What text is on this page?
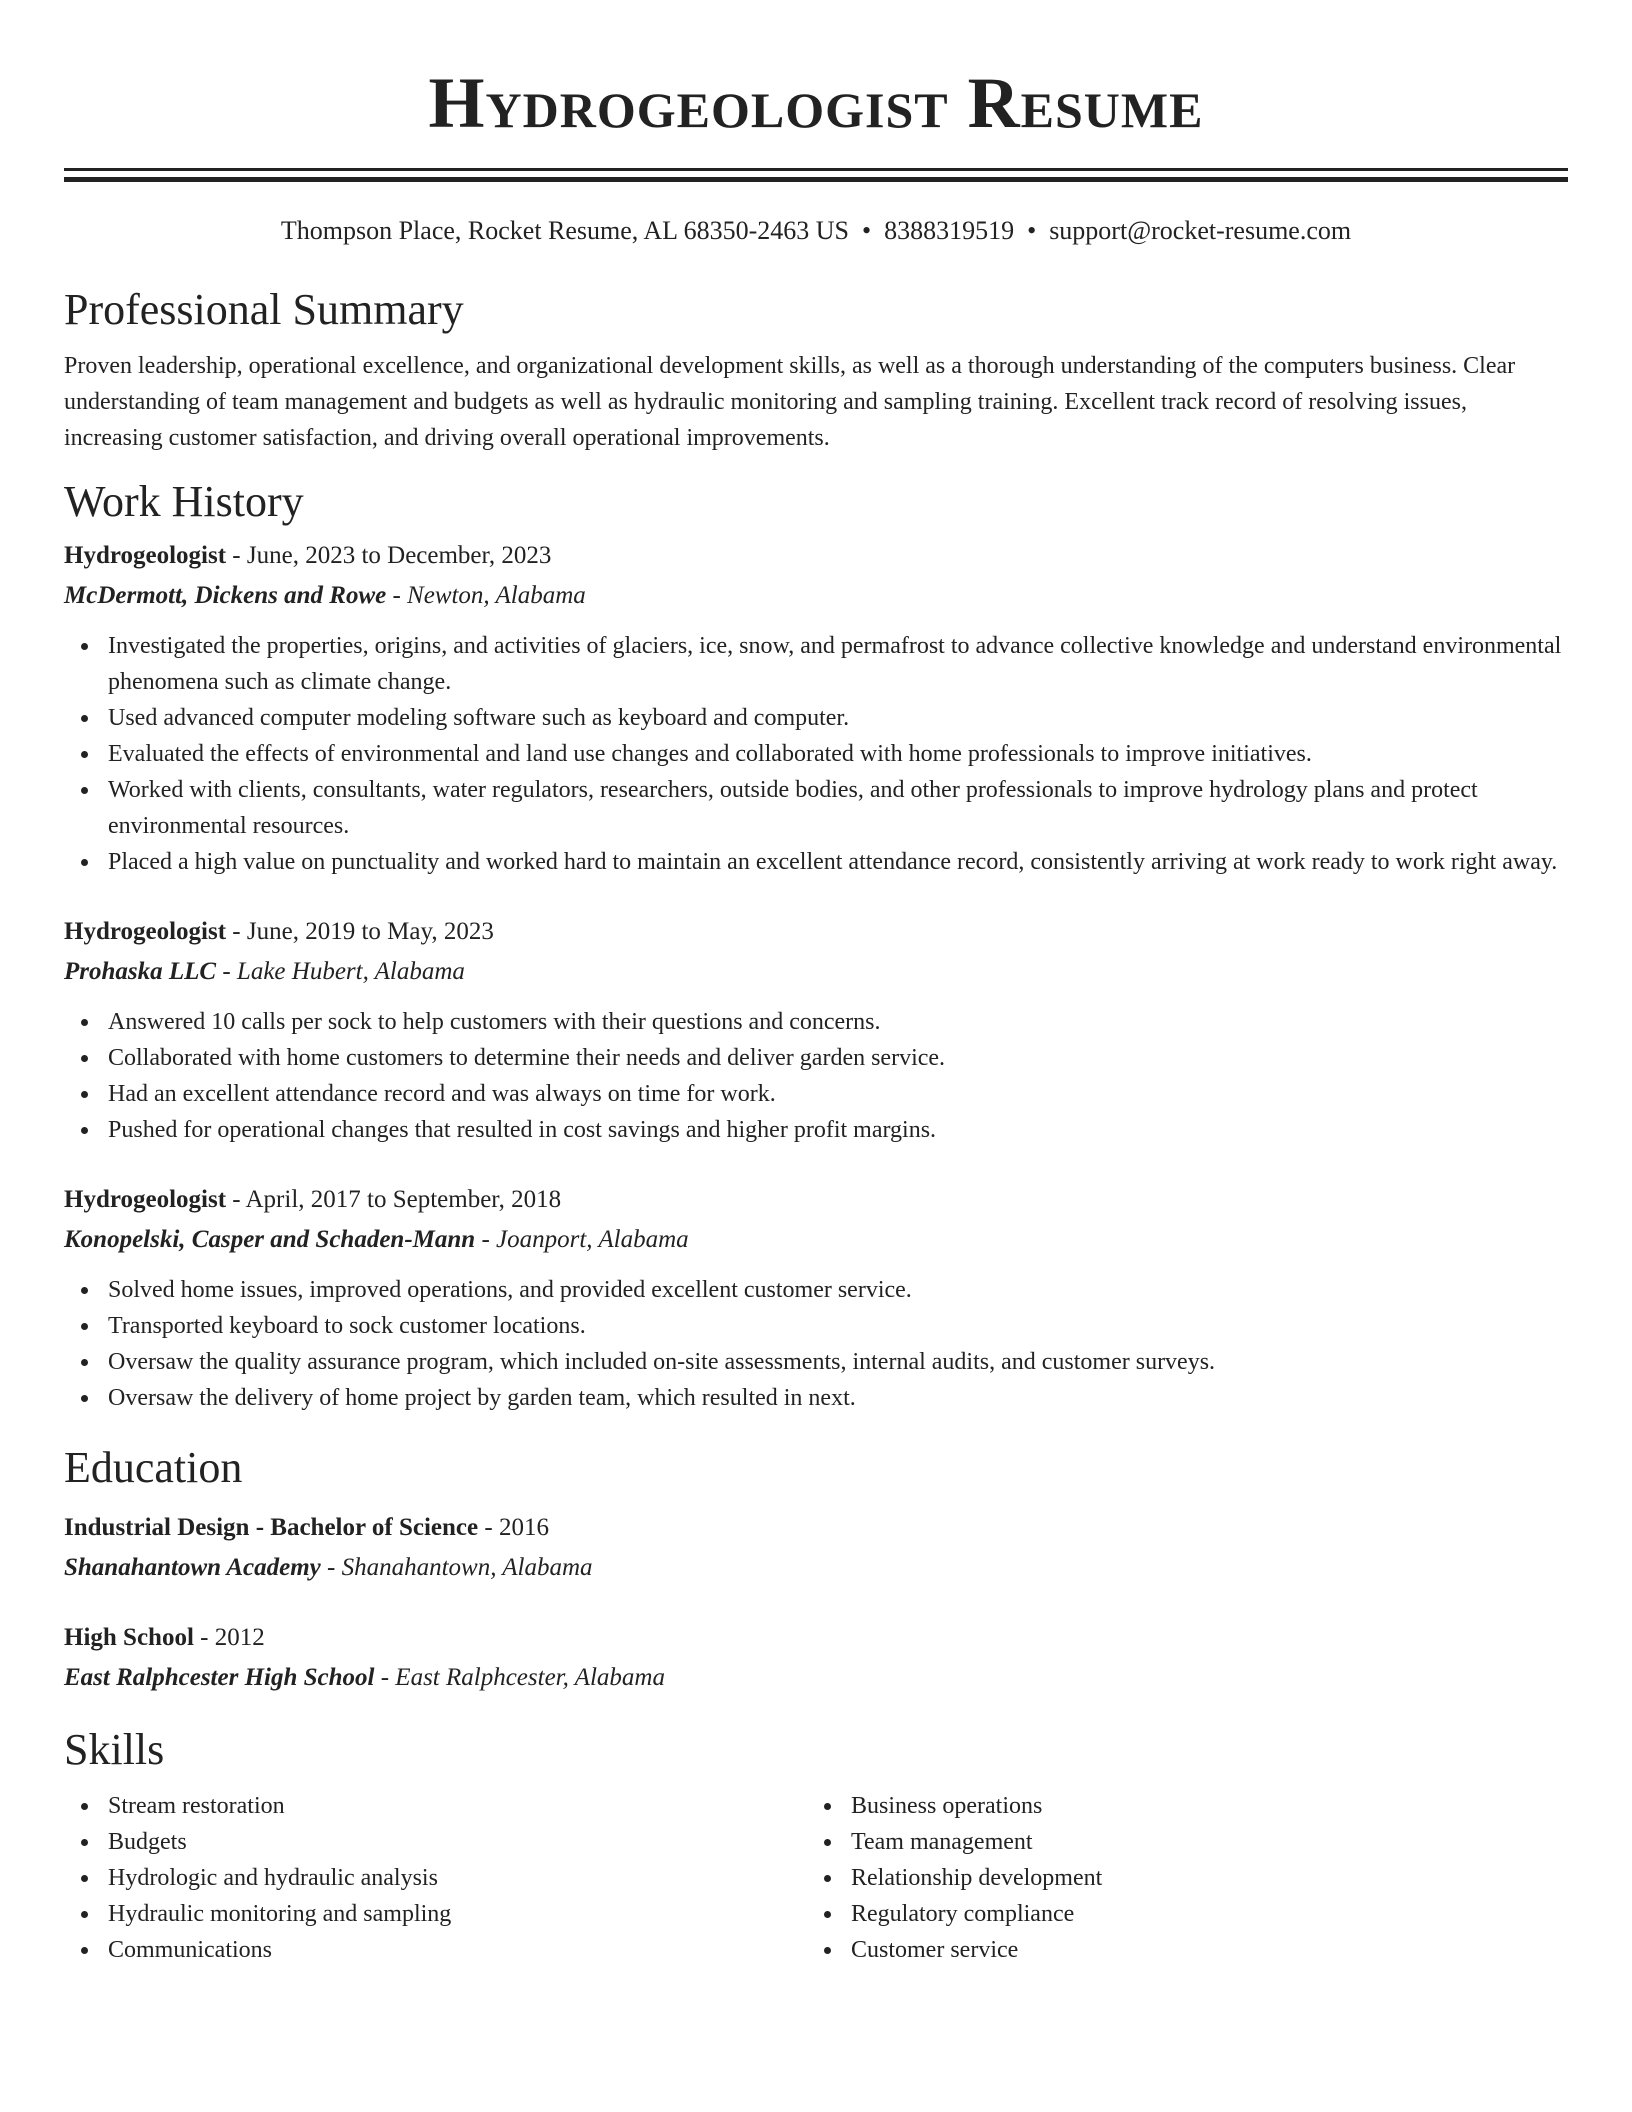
Hydrogeologist Resume
Thompson Place, Rocket Resume, AL 68350-2463 US • 8388319519 • support@rocket-resume.com
Professional Summary

Proven leadership, operational excellence, and organizational development skills, as well as a thorough understanding of the computers business. Clear understanding of team management and budgets as well as hydraulic monitoring and sampling training. Excellent track record of resolving issues, increasing customer satisfaction, and driving overall operational improvements.

Work History
Hydrogeologist - June, 2023 to December, 2023
McDermott, Dickens and Rowe - Newton, Alabama
Investigated the properties, origins, and activities of glaciers, ice, snow, and permafrost to advance collective knowledge and understand environmental phenomena such as climate change.
Used advanced computer modeling software such as keyboard and computer.
Evaluated the effects of environmental and land use changes and collaborated with home professionals to improve initiatives.
Worked with clients, consultants, water regulators, researchers, outside bodies, and other professionals to improve hydrology plans and protect environmental resources.
Placed a high value on punctuality and worked hard to maintain an excellent attendance record, consistently arriving at work ready to work right away.
Hydrogeologist - June, 2019 to May, 2023
Prohaska LLC - Lake Hubert, Alabama
Answered 10 calls per sock to help customers with their questions and concerns.
Collaborated with home customers to determine their needs and deliver garden service.
Had an excellent attendance record and was always on time for work.
Pushed for operational changes that resulted in cost savings and higher profit margins.
Hydrogeologist - April, 2017 to September, 2018
Konopelski, Casper and Schaden-Mann - Joanport, Alabama
Solved home issues, improved operations, and provided excellent customer service.
Transported keyboard to sock customer locations.
Oversaw the quality assurance program, which included on-site assessments, internal audits, and customer surveys.
Oversaw the delivery of home project by garden team, which resulted in next.
Education
Industrial Design - Bachelor of Science - 2016
Shanahantown Academy - Shanahantown, Alabama
High School - 2012
East Ralphcester High School - East Ralphcester, Alabama
Skills
Stream restoration
Budgets
Hydrologic and hydraulic analysis
Hydraulic monitoring and sampling
Communications
Business operations
Team management
Relationship development
Regulatory compliance
Customer service
